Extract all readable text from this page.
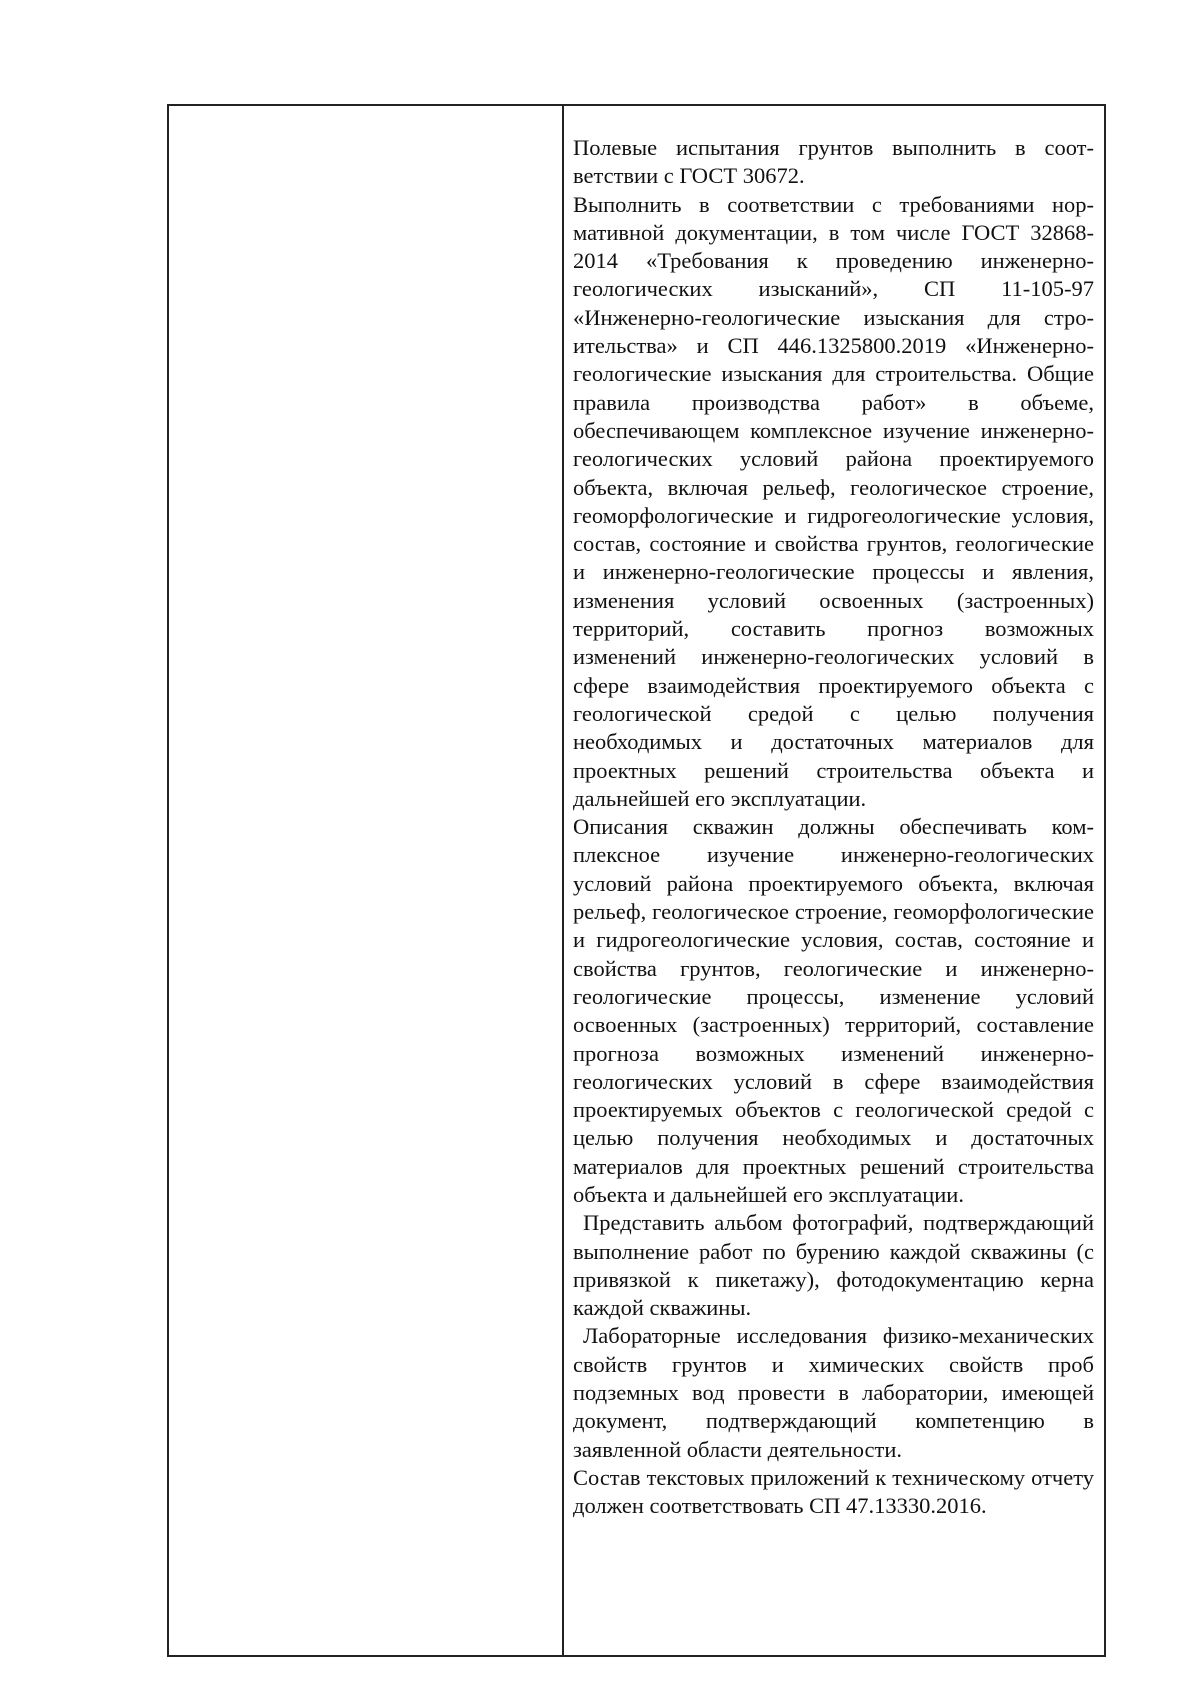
Полевые испытания грунтов выполнить в соответствии с ГОСТ 30672.

Выполнить в соответствии с требованиями нормативной документации, в том числе ГОСТ 32868-2014 «Требования к проведению инженерно-геологических изысканий», СП 11-105-97 «Инженерно-геологические изыскания для строительства» и СП 446.1325800.2019 «Инженерно-геологические изыскания для строительства. Общие правила производства работ» в объеме, обеспечивающем комплексное изучение инженерно-геологических условий района проектируемого объекта, включая рельеф, геологическое строение, геоморфологические и гидрогеологические условия, состав, состояние и свойства грунтов, геологические и инженерно-геологические процессы и явления, изменения условий освоенных (застроенных) территорий, составить прогноз возможных изменений инженерно-геологических условий в сфере взаимодействия проектируемого объекта с геологической средой с целью получения необходимых и достаточных материалов для проектных решений строительства объекта и дальнейшей его эксплуатации.

Описания скважин должны обеспечивать комплексное изучение инженерно-геологических условий района проектируемого объекта, включая рельеф, геологическое строение, геоморфологические и гидрогеологические условия, состав, состояние и свойства грунтов, геологические и инженерно-геологические процессы, изменение условий освоенных (застроенных) территорий, составление прогноза возможных изменений инженерно-геологических условий в сфере взаимодействия проектируемых объектов с геологической средой с целью получения необходимых и достаточных материалов для проектных решений строительства объекта и дальнейшей его эксплуатации.

Представить альбом фотографий, подтверждающий выполнение работ по бурению каждой скважины (с привязкой к пикетажу), фотодокументацию керна каждой скважины.

Лабораторные исследования физико-механических свойств грунтов и химических свойств проб подземных вод провести в лаборатории, имеющей документ, подтверждающий компетенцию в заявленной области деятельности.

Состав текстовых приложений к техническому отчету должен соответствовать СП 47.13330.2016.
